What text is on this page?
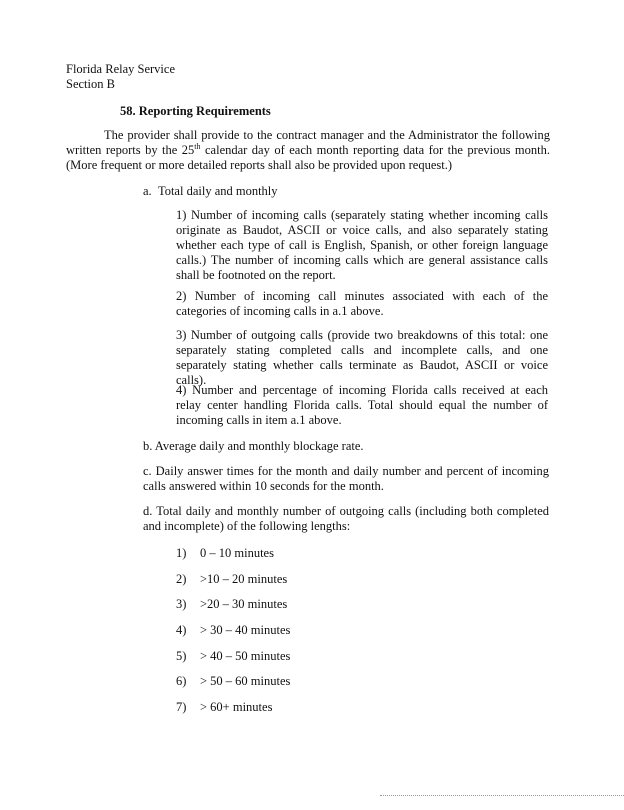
Florida Relay Service
Section B
58. Reporting Requirements
The provider shall provide to the contract manager and the Administrator the following written reports by the 25th calendar day of each month reporting data for the previous month. (More frequent or more detailed reports shall also be provided upon request.)
a. Total daily and monthly
1) Number of incoming calls (separately stating whether incoming calls originate as Baudot, ASCII or voice calls, and also separately stating whether each type of call is English, Spanish, or other foreign language calls.) The number of incoming calls which are general assistance calls shall be footnoted on the report.
2) Number of incoming call minutes associated with each of the categories of incoming calls in a.1 above.
3) Number of outgoing calls (provide two breakdowns of this total: one separately stating completed calls and incomplete calls, and one separately stating whether calls terminate as Baudot, ASCII or voice calls).
4) Number and percentage of incoming Florida calls received at each relay center handling Florida calls. Total should equal the number of incoming calls in item a.1 above.
b. Average daily and monthly blockage rate.
c. Daily answer times for the month and daily number and percent of incoming calls answered within 10 seconds for the month.
d. Total daily and monthly number of outgoing calls (including both completed and incomplete) of the following lengths:
1) 0 – 10 minutes
2) >10 – 20 minutes
3) >20 – 30 minutes
4) > 30 – 40 minutes
5) > 40 – 50 minutes
6) > 50 – 60 minutes
7) > 60+ minutes
